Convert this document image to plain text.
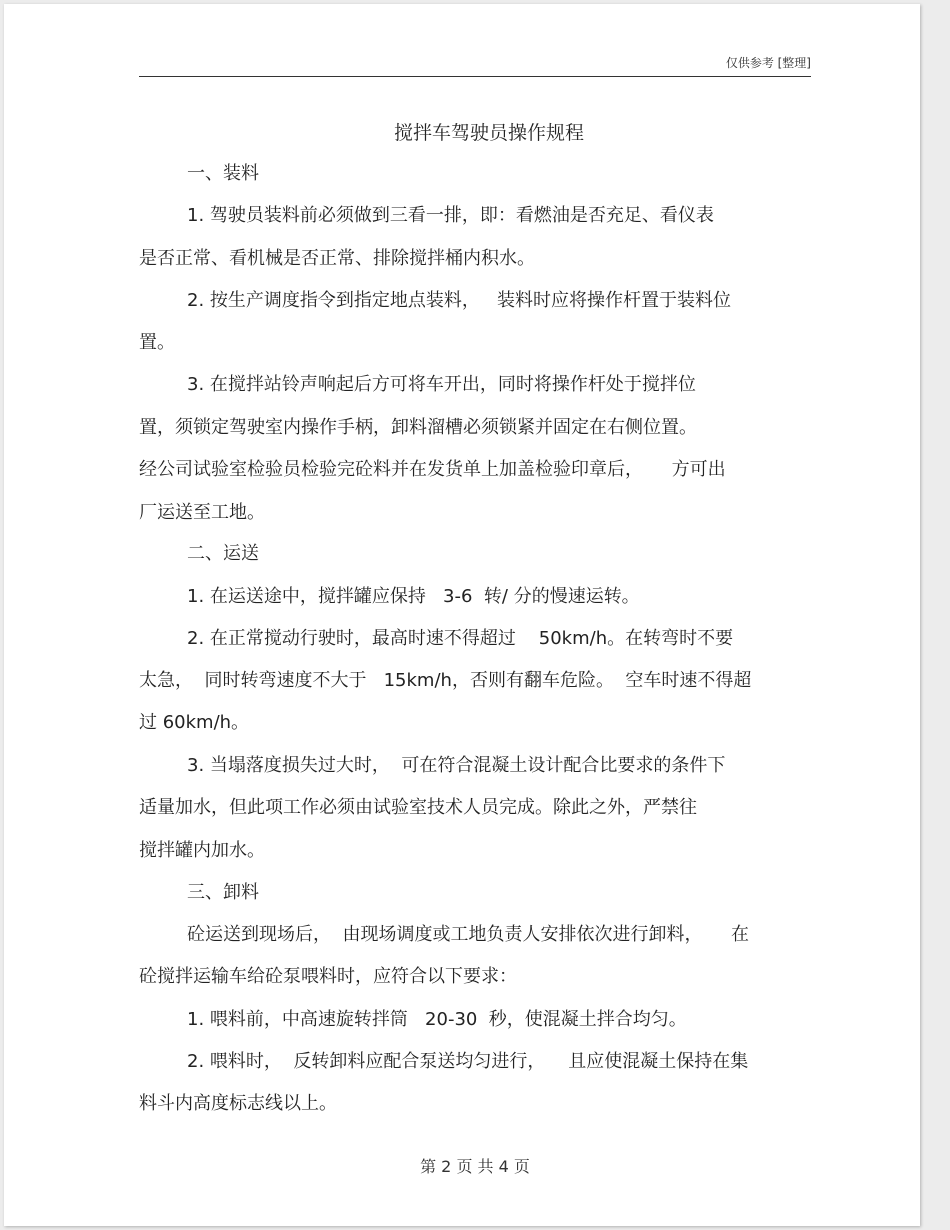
仅供参考 [整理]
搅拌车驾驶员操作规程
一、装料
1. 驾驶员装料前必须做到三看一排，即：看燃油是否充足、看仪表
是否正常、看机械是否正常、排除搅拌桶内积水。
2. 按生产调度指令到指定地点装料，   装料时应将操作杆置于装料位
置。
3. 在搅拌站铃声响起后方可将车开出，同时将操作杆处于搅拌位
置，须锁定驾驶室内操作手柄，卸料溜槽必须锁紧并固定在右侧位置。
经公司试验室检验员检验完砼料并在发货单上加盖检验印章后，     方可出
厂运送至工地。
二、运送
1. 在运送途中，搅拌罐应保持   3-6  转/ 分的慢速运转。
2. 在正常搅动行驶时，最高时速不得超过    50km/h。在转弯时不要
太急，  同时转弯速度不大于   15km/h，否则有翻车危险。  空车时速不得超
过 60km/h。
3. 当塌落度损失过大时，  可在符合混凝土设计配合比要求的条件下
适量加水，但此项工作必须由试验室技术人员完成。除此之外，严禁往
搅拌罐内加水。
三、卸料
砼运送到现场后，  由现场调度或工地负责人安排依次进行卸料，     在
砼搅拌运输车给砼泵喂料时，应符合以下要求：
1. 喂料前，中高速旋转拌筒   20-30  秒，使混凝土拌合均匀。
2. 喂料时，  反转卸料应配合泵送均匀进行，    且应使混凝土保持在集
料斗内高度标志线以上。
第 2 页 共 4 页
